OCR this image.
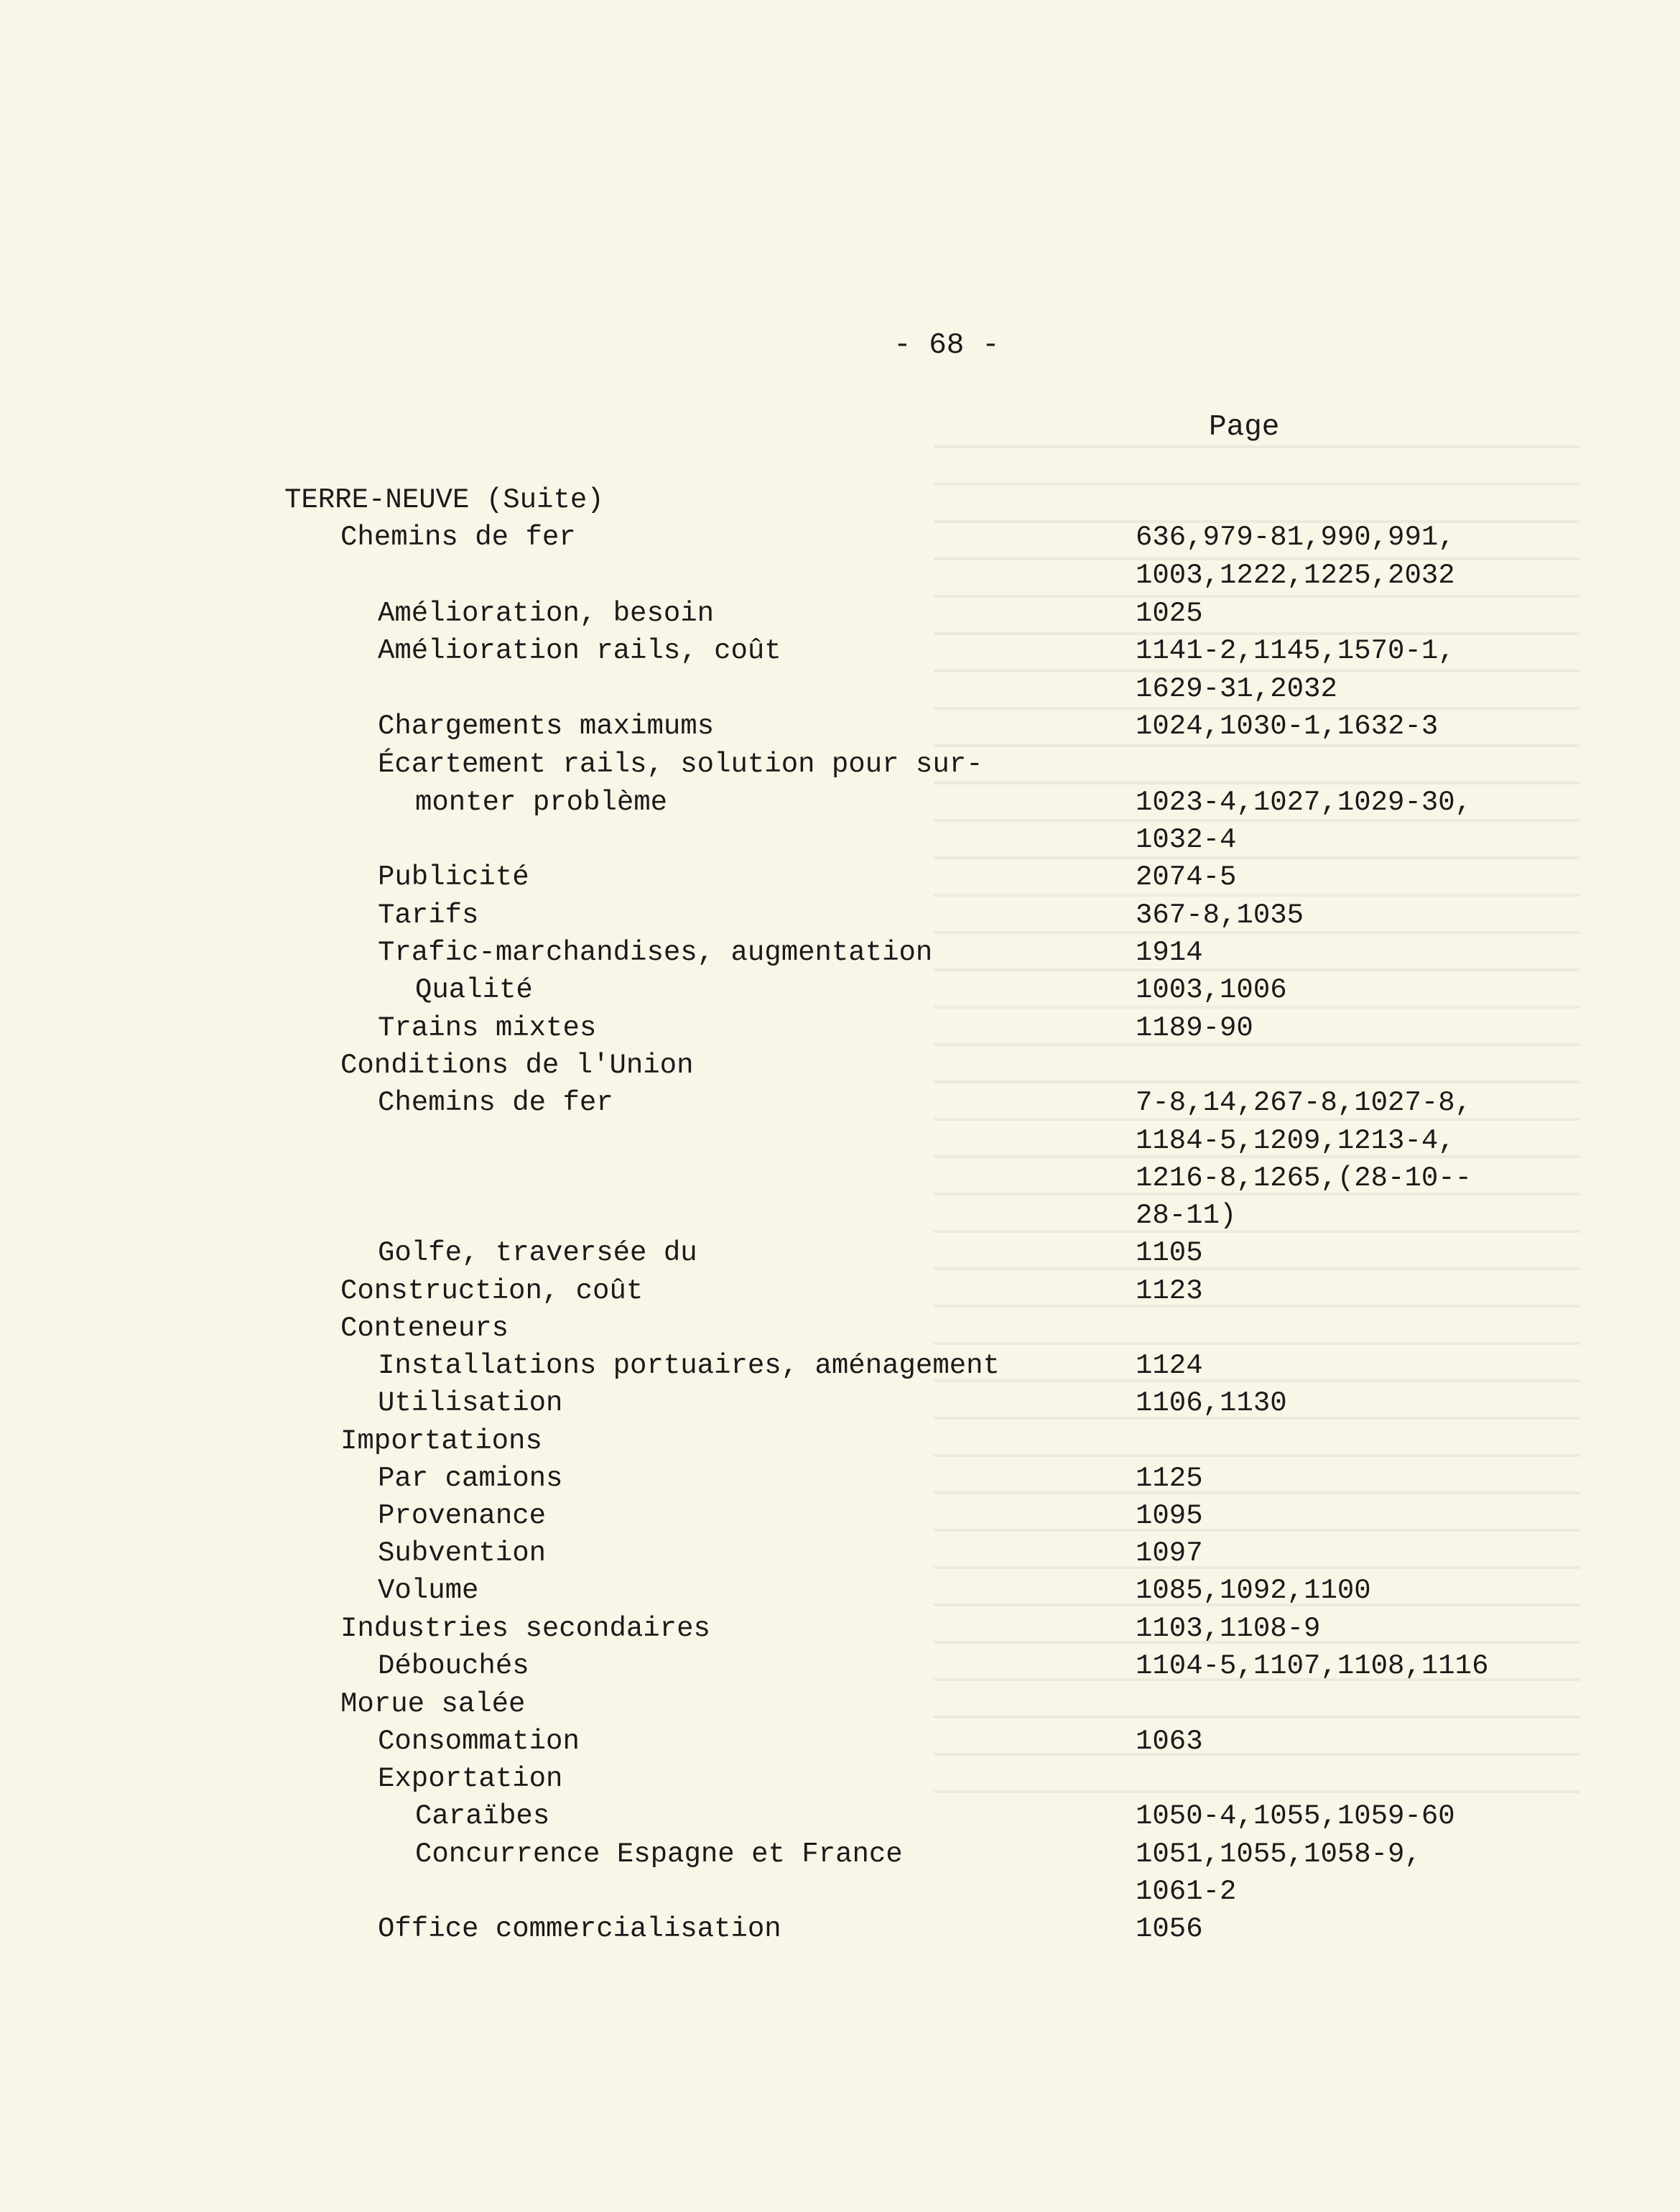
- 68 -
Page
TERRE-NEUVE (Suite)
Chemins de fer	636,979-81,990,991,
1003,1222,1225,2032
Amélioration, besoin	1025
Amélioration rails, coût	1141-2,1145,1570-1,
1629-31,2032
Chargements maximums	1024,1030-1,1632-3
Écartement rails, solution pour sur-
monter problème	1023-4,1027,1029-30,
1032-4
Publicité	2074-5
Tarifs	367-8,1035
Trafic-marchandises, augmentation	1914
Qualité	1003,1006
Trains mixtes	1189-90
Conditions de l'Union
Chemins de fer	7-8,14,267-8,1027-8,
1184-5,1209,1213-4,
1216-8,1265,(28-10--
28-11)
Golfe, traversée du	1105
Construction, coût	1123
Conteneurs
Installations portuaires, aménagement	1124
Utilisation	1106,1130
Importations
Par camions	1125
Provenance	1095
Subvention	1097
Volume	1085,1092,1100
Industries secondaires	1103,1108-9
Débouchés	1104-5,1107,1108,1116
Morue salée
Consommation	1063
Exportation
Caraïbes	1050-4,1055,1059-60
Concurrence Espagne et France	1051,1055,1058-9,
1061-2
Office commercialisation	1056
